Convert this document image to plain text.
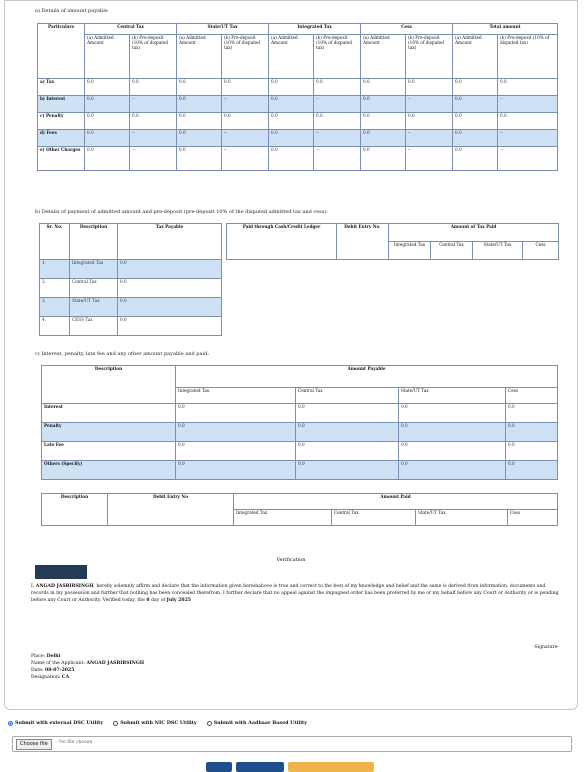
a) Details of amount payable
Particulars	Central Tax		State/UT Tax		Integrated Tax		Cess		Total amount	
	(a) Admitted Amount	(b) Pre-deposit (10% of disputed tax)	(a) Admitted Amount	(b) Pre-deposit (10% of disputed tax)	(a) Admitted Amount	(b) Pre-deposit (10% of disputed tax)	(a) Admitted Amount	(b) Pre-deposit (10% of disputed tax)	(a) Admitted Amount	(b) Pre-deposit (10% of disputed tax)
a) Tax	0.0	0.0	0.0	0.0	0.0	0.0	0.0	0.0	0.0	0.0
b) Interest	0.0	--	0.0	--	0.0	--	0.0	--	0.0	--
c) Penalty	0.0	0.0	0.0	0.0	0.0	0.0	0.0	0.0	0.0	0.0
d) Fees	0.0	--	0.0	--	0.0	--	0.0	--	0.0	--
e) Other Charges	0.0	--	0.0	--	0.0	--	0.0	--	0.0	--
b) Details of payment of admitted amount and pre-deposit (pre-deposit 10% of the disputed admitted tax and cess):
Sr. No.	Description	Tax Payable
1.	Integrated Tax	0.0
2.	Central Tax	0.0
3.	State/UT Tax	0.0
4.	CESS Tax	0.0
Paid through Cash/Credit Ledger	Debit Entry No.	Amount of Tax Paid			
		Integrated Tax	Central Tax	State/UT Tax	Cess
c) Interest, penalty, late fee and any other amount payable and paid:
Description	Amount Payable			
	Integrated Tax	Central Tax	State/UT Tax	Cess
Interest	0.0	0.0	0.0	0.0
Penalty	0.0	0.0	0.0	0.0
Late Fee	0.0	0.0	0.0	0.0
Others (Specify)	0.0	0.0	0.0	0.0
Description	Debit Entry No	Amount Paid			
		Integrated Tax	Central Tax	State/UT Tax	Cess
Verification
I, ANGAD JASBIRSINGH, hereby solemnly affirm and declare that the information given hereinabove is true and correct to the best of my knowledge and belief and the same is derived from information, documents and records in my possession and further that nothing has been concealed therefrom. I further declare that no appeal against the impugned order has been preferred by me or my behalf before any Court or Authority or is pending before any Court or Authority. Verified today, the 8 day of July 2025
-Signature-
Place: Delhi
Name of the Applicant: ANGAD JASBIRSINGH
Date: 08-07-2025
Designation: CA
Submit with external DSC Utility	Submit with NIC DSC Utility	Submit with Aadhaar Based Utility
Choose file	No file chosen
